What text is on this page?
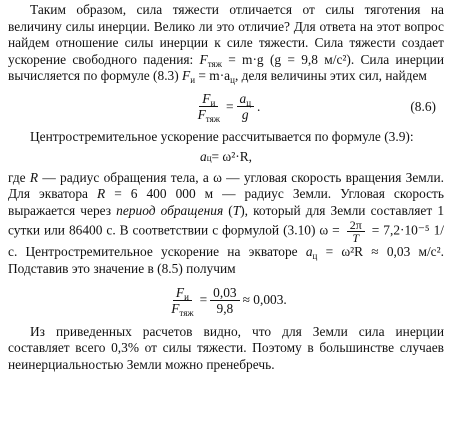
Таким образом, сила тяжести отличается от силы тяготения на величину силы инерции. Велико ли это отличие? Для ответа на этот вопрос найдем отношение силы инерции к силе тяжести. Сила тяжести создает ускорение свободного падения: $F_{тяж} = m\cdot g$ (g = 9,8 м/с²). Сила инерции вычисляется по формуле (8.3) $F_и = m\cdot a_ц$, деля величины этих сил, найдем

$\frac{F_и}{F_{тяж}} = \frac{a_ц}{g}$ .	(8.6)

Центростремительное ускорение рассчитывается по формуле (3.9):

a ц = ω²·R,

где R — радиус обращения тела, а ω — угловая скорость вращения Земли. Для экватора R = 6 400 000 м — радиус Земли. Угловая скорость выражается через период обращения (T), который для Земли составляет 1 сутки или 86400 с. В соответствии с формулой (3.10) $\omega = \frac{2\pi}{T} = 7,2\cdot 10^{-5}$ 1/с. Центростремительное ускорение на экваторе $a_ц = \omega^2R \approx 0,03$ м/с². Подставив это значение в (8.5) получим

$\frac{F_и}{F_{тяж}} = \frac{0,03}{9,8} \approx 0,003$.

Из приведенных расчетов видно, что для Земли сила инерции составляет всего 0,3% от силы тяжести. Поэтому в большинстве случаев неинерциальностью Земли можно пренебречь.
